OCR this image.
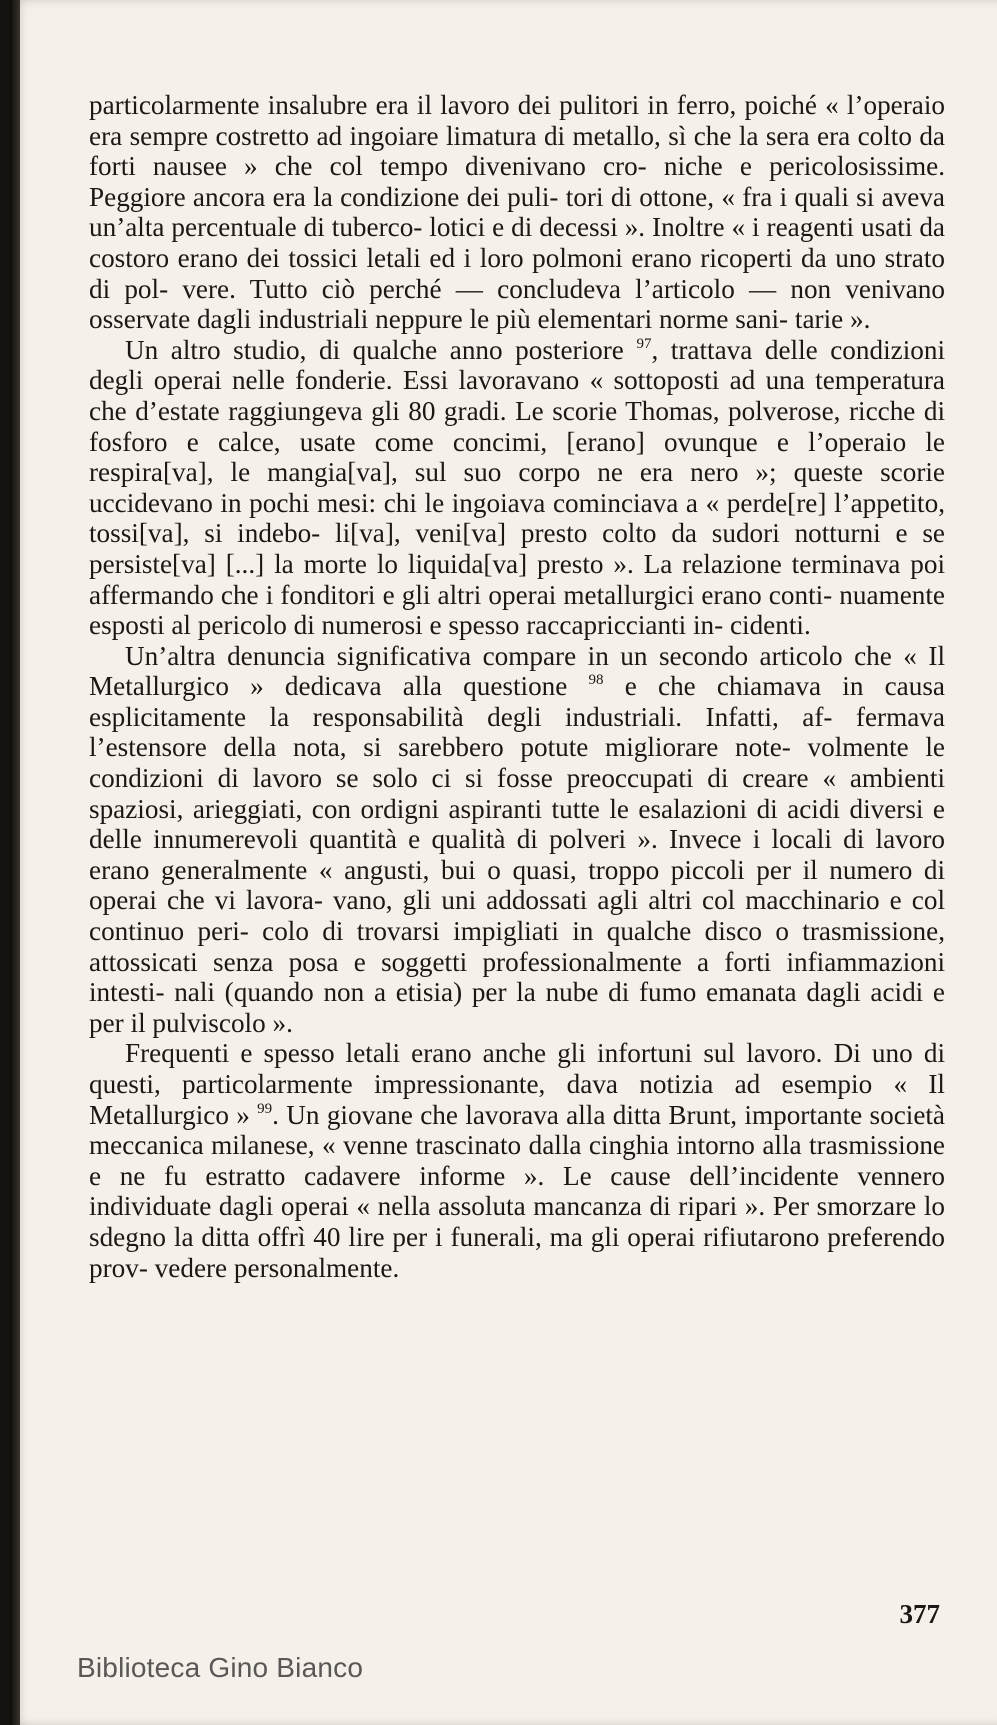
particolarmente insalubre era il lavoro dei pulitori in ferro, poiché « l’operaio era sempre costretto ad ingoiare limatura di metallo, sì che la sera era colto da forti nausee » che col tempo divenivano cro- niche e pericolosissime. Peggiore ancora era la condizione dei puli- tori di ottone, « fra i quali si aveva un’alta percentuale di tuberco- lotici e di decessi ». Inoltre « i reagenti usati da costoro erano dei tossici letali ed i loro polmoni erano ricoperti da uno strato di pol- vere. Tutto ciò perché — concludeva l’articolo — non venivano osservate dagli industriali neppure le più elementari norme sani- tarie ».

Un altro studio, di qualche anno posteriore $^{97}$, trattava delle condizioni degli operai nelle fonderie. Essi lavoravano « sottoposti ad una temperatura che d’estate raggiungeva gli 80 gradi. Le scorie Thomas, polverose, ricche di fosforo e calce, usate come concimi, [erano] ovunque e l’operaio le respira[va], le mangia[va], sul suo corpo ne era nero »; queste scorie uccidevano in pochi mesi: chi le ingoiava cominciava a « perde[re] l’appetito, tossi[va], si indebo- li[va], veni[va] presto colto da sudori notturni e se persiste[va] [...] la morte lo liquida[va] presto ». La relazione terminava poi affermando che i fonditori e gli altri operai metallurgici erano conti- nuamente esposti al pericolo di numerosi e spesso raccapriccianti in- cidenti.

Un’altra denuncia significativa compare in un secondo articolo che « Il Metallurgico » dedicava alla questione $^{98}$ e che chiamava in causa esplicitamente la responsabilità degli industriali. Infatti, af- fermava l’estensore della nota, si sarebbero potute migliorare note- volmente le condizioni di lavoro se solo ci si fosse preoccupati di creare « ambienti spaziosi, arieggiati, con ordigni aspiranti tutte le esalazioni di acidi diversi e delle innumerevoli quantità e qualità di polveri ». Invece i locali di lavoro erano generalmente « angusti, bui o quasi, troppo piccoli per il numero di operai che vi lavora- vano, gli uni addossati agli altri col macchinario e col continuo peri- colo di trovarsi impigliati in qualche disco o trasmissione, attossicati senza posa e soggetti professionalmente a forti infiammazioni intesti- nali (quando non a etisia) per la nube di fumo emanata dagli acidi e per il pulviscolo ».

Frequenti e spesso letali erano anche gli infortuni sul lavoro. Di uno di questi, particolarmente impressionante, dava notizia ad esempio « Il Metallurgico » $^{99}$. Un giovane che lavorava alla ditta Brunt, importante società meccanica milanese, « venne trascinato dalla cinghia intorno alla trasmissione e ne fu estratto cadavere informe ». Le cause dell’incidente vennero individuate dagli operai « nella assoluta mancanza di ripari ». Per smorzare lo sdegno la ditta offrì 40 lire per i funerali, ma gli operai rifiutarono preferendo prov- vedere personalmente.

377
Biblioteca Gino Bianco
